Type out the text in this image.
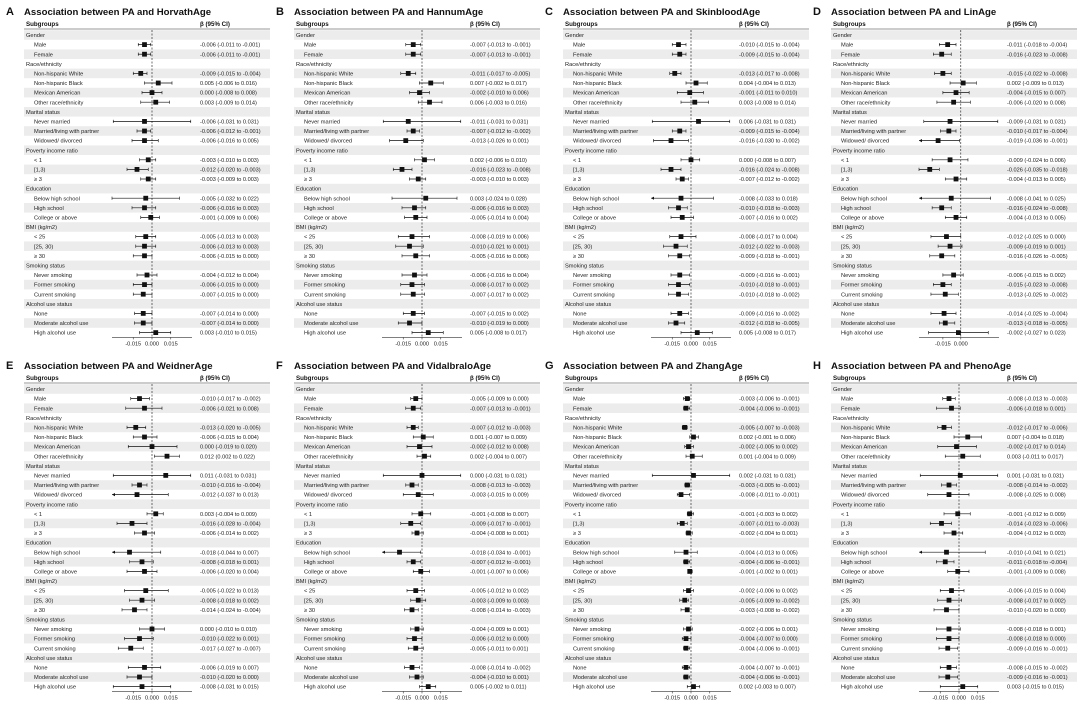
A Association between PA and HorvathAge
Subgroups	β (95% CI)
Gender
Male	-0.006 (-0.011 to -0.001)
Female	-0.006 (-0.011 to -0.001)
Race/ethnicity
Non-hispanic White	-0.009 (-0.015 to -0.004)
Non-hispanic Black	0.005 (-0.006 to 0.016)
Mexican American	0.000 (-0.008 to 0.008)
Other race/ethnicity	0.003 (-0.009 to 0.014)
Marital status
Never married	-0.006 (-0.031 to 0.031)
Married/living with partner	-0.006 (-0.012 to -0.001)
Widowed/ divorced	-0.006 (-0.016 to 0.005)
Poverty income ratio
< 1	-0.003 (-0.010 to 0.003)
[1,3)	-0.012 (-0.020 to -0.003)
≥ 3	-0.003 (-0.009 to 0.003)
Education
Below high school	-0.005 (-0.032 to 0.022)
High school	-0.006 (-0.016 to 0.003)
College or above	-0.001 (-0.009 to 0.006)
BMI (kg/m2)
< 25	-0.005 (-0.013 to 0.003)
[25, 30)	-0.006 (-0.013 to 0.003)
≥ 30	-0.006 (-0.015 to 0.000)
Smoking status
Never smoking	-0.004 (-0.012 to 0.004)
Former smoking	-0.006 (-0.015 to 0.000)
Current smoking	-0.007 (-0.015 to 0.000)
Alcohol use status
None	-0.007 (-0.014 to 0.000)
Moderate alcohol use	-0.007 (-0.014 to 0.000)
High alcohol use	0.003 (-0.010 to 0.015)
-0.015 0.000 0.015
B Association between PA and HannumAge
Subgroups	β (95% CI)
Gender
Male	-0.007 (-0.013 to -0.001)
Female	-0.007 (-0.013 to -0.001)
Race/ethnicity
Non-hispanic White	-0.011 (-0.017 to -0.005)
Non-hispanic Black	0.007 (-0.002 to 0.017)
Mexican American	-0.002 (-0.010 to 0.006)
Other race/ethnicity	0.006 (-0.003 to 0.016)
Marital status
Never married	-0.011 (-0.031 to 0.031)
Married/living with partner	-0.007 (-0.012 to -0.002)
Widowed/ divorced	-0.013 (-0.026 to 0.001)
Poverty income ratio
< 1	0.002 (-0.006 to 0.010)
[1,3)	-0.016 (-0.023 to -0.008)
≥ 3	-0.003 (-0.010 to 0.003)
Education
Below high school	0.003 (-0.024 to 0.028)
High school	-0.006 (-0.016 to 0.003)
College or above	-0.005 (-0.014 to 0.004)
BMI (kg/m2)
< 25	-0.008 (-0.019 to 0.006)
[25, 30)	-0.010 (-0.021 to 0.001)
≥ 30	-0.005 (-0.016 to 0.006)
Smoking status
Never smoking	-0.006 (-0.016 to 0.004)
Former smoking	-0.008 (-0.017 to 0.002)
Current smoking	-0.007 (-0.017 to 0.002)
Alcohol use status
None	-0.007 (-0.015 to 0.002)
Moderate alcohol use	-0.010 (-0.019 to 0.000)
High alcohol use	0.005 (-0.008 to 0.017)
-0.015 0.000 0.015
C Association between PA and SkinbloodAge
Subgroups	β (95% CI)
Gender
Male	-0.010 (-0.015 to -0.004)
Female	-0.009 (-0.015 to -0.004)
Race/ethnicity
Non-hispanic White	-0.013 (-0.017 to -0.008)
Non-hispanic Black	0.004 (-0.004 to 0.013)
Mexican American	-0.001 (-0.011 to 0.010)
Other race/ethnicity	0.003 (-0.008 to 0.014)
Marital status
Never married	0.006 (-0.031 to 0.031)
Married/living with partner	-0.009 (-0.015 to -0.004)
Widowed/ divorced	-0.016 (-0.030 to -0.002)
Poverty income ratio
< 1	0.000 (-0.008 to 0.007)
[1,3)	-0.016 (-0.024 to -0.008)
≥ 3	-0.007 (-0.012 to -0.002)
Education
Below high school	-0.008 (-0.033 to 0.018)
High school	-0.010 (-0.018 to -0.003)
College or above	-0.007 (-0.016 to 0.002)
BMI (kg/m2)
< 25	-0.008 (-0.017 to 0.004)
[25, 30)	-0.012 (-0.022 to -0.003)
≥ 30	-0.009 (-0.018 to -0.001)
Smoking status
Never smoking	-0.009 (-0.016 to -0.001)
Former smoking	-0.010 (-0.018 to -0.001)
Current smoking	-0.010 (-0.018 to -0.002)
Alcohol use status
None	-0.009 (-0.016 to -0.002)
Moderate alcohol use	-0.012 (-0.018 to -0.005)
High alcohol use	0.005 (-0.008 to 0.017)
-0.015 0.000 0.015
D Association between PA and LinAge
Subgroups	β (95% CI)
Gender
Male	-0.011 (-0.018 to -0.004)
Female	-0.016 (-0.023 to -0.008)
Race/ethnicity
Non-hispanic White	-0.015 (-0.022 to -0.008)
Non-hispanic Black	0.002 (-0.009 to 0.013)
Mexican American	-0.004 (-0.015 to 0.007)
Other race/ethnicity	-0.006 (-0.020 to 0.008)
Marital status
Never married	-0.009 (-0.031 to 0.031)
Married/living with partner	-0.010 (-0.017 to -0.004)
Widowed/ divorced	-0.019 (-0.036 to -0.001)
Poverty income ratio
< 1	-0.009 (-0.024 to 0.006)
[1,3)	-0.026 (-0.035 to -0.018)
≥ 3	-0.004 (-0.013 to 0.005)
Education
Below high school	-0.008 (-0.041 to 0.025)
High school	-0.016 (-0.024 to -0.008)
College or above	-0.004 (-0.013 to 0.005)
BMI (kg/m2)
< 25	-0.012 (-0.025 to 0.000)
[25, 30)	-0.009 (-0.019 to 0.001)
≥ 30	-0.016 (-0.026 to -0.005)
Smoking status
Never smoking	-0.006 (-0.015 to 0.002)
Former smoking	-0.015 (-0.023 to -0.008)
Current smoking	-0.013 (-0.025 to -0.002)
Alcohol use status
None	-0.014 (-0.025 to -0.004)
Moderate alcohol use	-0.013 (-0.018 to -0.005)
High alcohol use	-0.002 (-0.027 to 0.023)
-0.015 0.000
E Association between PA and WeidnerAge
Subgroups	β (95% CI)
Gender
Male	-0.010 (-0.017 to -0.002)
Female	-0.006 (-0.021 to 0.008)
Race/ethnicity
Non-hispanic White	-0.013 (-0.020 to -0.005)
Non-hispanic Black	-0.006 (-0.015 to 0.004)
Mexican American	0.000 (-0.019 to 0.020)
Other race/ethnicity	0.012 (0.002 to 0.022)
Marital status
Never married	0.011 (-0.031 to 0.031)
Married/living with partner	-0.010 (-0.016 to -0.004)
Widowed/ divorced	-0.012 (-0.037 to 0.013)
Poverty income ratio
< 1	0.003 (-0.004 to 0.009)
[1,3)	-0.016 (-0.028 to -0.004)
≥ 3	-0.006 (-0.014 to 0.002)
Education
Below high school	-0.018 (-0.044 to 0.007)
High school	-0.008 (-0.018 to 0.001)
College or above	-0.006 (-0.020 to 0.004)
BMI (kg/m2)
< 25	-0.005 (-0.022 to 0.013)
[25, 30)	-0.008 (-0.018 to 0.002)
≥ 30	-0.014 (-0.024 to -0.004)
Smoking status
Never smoking	0.000 (-0.010 to 0.010)
Former smoking	-0.010 (-0.022 to 0.001)
Current smoking	-0.017 (-0.027 to -0.007)
Alcohol use status
None	-0.006 (-0.019 to 0.007)
Moderate alcohol use	-0.010 (-0.020 to 0.000)
High alcohol use	-0.008 (-0.031 to 0.015)
-0.015 0.000 0.015
F Association between PA and VidalbraloAge
Subgroups	β (95% CI)
Gender
Male	-0.005 (-0.009 to 0.000)
Female	-0.007 (-0.013 to -0.001)
Race/ethnicity
Non-hispanic White	-0.007 (-0.012 to -0.003)
Non-hispanic Black	0.001 (-0.007 to 0.009)
Mexican American	-0.002 (-0.012 to 0.008)
Other race/ethnicity	0.002 (-0.004 to 0.007)
Marital status
Never married	0.000 (-0.031 to 0.031)
Married/living with partner	-0.008 (-0.013 to -0.003)
Widowed/ divorced	-0.003 (-0.015 to 0.009)
Poverty income ratio
< 1	-0.001 (-0.008 to 0.007)
[1,3)	-0.009 (-0.017 to -0.001)
≥ 3	-0.004 (-0.008 to 0.001)
Education
Below high school	-0.018 (-0.034 to -0.001)
High school	-0.007 (-0.012 to -0.001)
College or above	-0.001 (-0.007 to 0.006)
BMI (kg/m2)
< 25	-0.005 (-0.012 to 0.002)
[25, 30)	-0.003 (-0.009 to 0.003)
≥ 30	-0.008 (-0.014 to -0.003)
Smoking status
Never smoking	-0.004 (-0.009 to 0.001)
Former smoking	-0.006 (-0.012 to 0.000)
Current smoking	-0.005 (-0.011 to 0.001)
Alcohol use status
None	-0.008 (-0.014 to -0.002)
Moderate alcohol use	-0.004 (-0.010 to 0.001)
High alcohol use	0.005 (-0.002 to 0.011)
-0.015 0.000 0.015
G Association between PA and ZhangAge
Subgroups	β (95% CI)
Gender
Male	-0.003 (-0.006 to -0.001)
Female	-0.004 (-0.006 to -0.001)
Race/ethnicity
Non-hispanic White	-0.005 (-0.007 to -0.003)
Non-hispanic Black	0.002 (-0.001 to 0.006)
Mexican American	-0.002 (-0.005 to 0.002)
Other race/ethnicity	0.001 (-0.004 to 0.009)
Marital status
Never married	0.002 (-0.031 to 0.031)
Married/living with partner	-0.003 (-0.005 to -0.001)
Widowed/ divorced	-0.008 (-0.011 to -0.001)
Poverty income ratio
< 1	-0.001 (-0.003 to 0.002)
[1,3)	-0.007 (-0.011 to -0.003)
≥ 3	-0.002 (-0.004 to 0.001)
Education
Below high school	-0.004 (-0.013 to 0.005)
High school	-0.004 (-0.006 to -0.001)
College or above	-0.001 (-0.002 to 0.001)
BMI (kg/m2)
< 25	-0.002 (-0.006 to 0.002)
[25, 30)	-0.005 (-0.009 to -0.002)
≥ 30	-0.003 (-0.008 to -0.002)
Smoking status
Never smoking	-0.002 (-0.006 to 0.001)
Former smoking	-0.004 (-0.007 to 0.000)
Current smoking	-0.004 (-0.006 to -0.001)
Alcohol use status
None	-0.004 (-0.007 to -0.001)
Moderate alcohol use	-0.004 (-0.006 to -0.001)
High alcohol use	0.002 (-0.003 to 0.007)
-0.015 0.000 0.015
H Association between PA and PhenoAge
Subgroups	β (95% CI)
Gender
Male	-0.008 (-0.013 to -0.003)
Female	-0.006 (-0.018 to 0.001)
Race/ethnicity
Non-hispanic White	-0.012 (-0.017 to -0.006)
Non-hispanic Black	0.007 (-0.004 to 0.018)
Mexican American	-0.002 (-0.017 to 0.014)
Other race/ethnicity	0.003 (-0.011 to 0.017)
Marital status
Never married	0.001 (-0.031 to 0.031)
Married/living with partner	-0.008 (-0.014 to -0.002)
Widowed/ divorced	-0.008 (-0.025 to 0.008)
Poverty income ratio
< 1	-0.001 (-0.012 to 0.009)
[1,3)	-0.014 (-0.023 to -0.006)
≥ 3	-0.004 (-0.012 to 0.003)
Education
Below high school	-0.010 (-0.041 to 0.021)
High school	-0.011 (-0.018 to -0.004)
College or above	-0.001 (-0.009 to 0.008)
BMI (kg/m2)
< 25	-0.006 (-0.015 to 0.004)
[25, 30)	-0.008 (-0.017 to 0.002)
≥ 30	-0.010 (-0.020 to 0.000)
Smoking status
Never smoking	-0.008 (-0.018 to 0.001)
Former smoking	-0.008 (-0.018 to 0.000)
Current smoking	-0.009 (-0.016 to -0.001)
Alcohol use status
None	-0.008 (-0.015 to -0.002)
Moderate alcohol use	-0.009 (-0.016 to -0.001)
High alcohol use	0.003 (-0.015 to 0.015)
-0.015 0.000 0.015
